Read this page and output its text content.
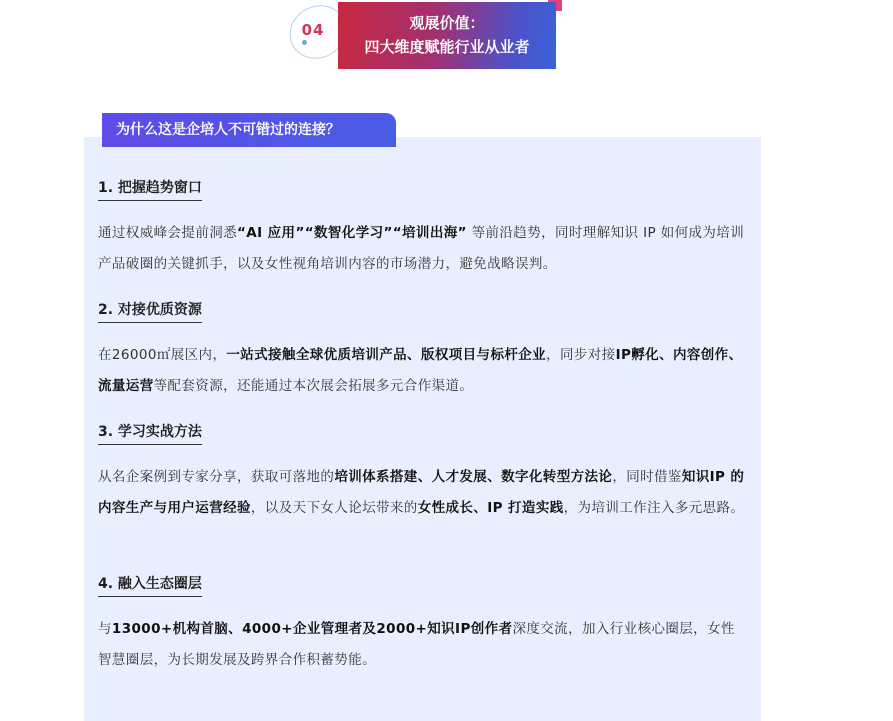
04	观展价值：
四大维度赋能行业从业者
为什么这是企培人不可错过的连接？
1. 把握趋势窗口
通过权威峰会提前洞悉“AI 应用”“数智化学习”“培训出海” 等前沿趋势，同时理解知识 IP 如何成为培训产品破圈的关键抓手，以及女性视角培训内容的市场潜力，避免战略误判。
2. 对接优质资源
在26000㎡展区内，一站式接触全球优质培训产品、版权项目与标杆企业，同步对接IP孵化、内容创作、流量运营等配套资源，还能通过本次展会拓展多元合作渠道。
3. 学习实战方法
从名企案例到专家分享，获取可落地的培训体系搭建、人才发展、数字化转型方法论，同时借鉴知识IP 的内容生产与用户运营经验，以及天下女人论坛带来的女性成长、IP 打造实践，为培训工作注入多元思路。
4. 融入生态圈层
与13000+机构首脑、4000+企业管理者及2000+知识IP创作者深度交流，加入行业核心圈层，女性智慧圈层，为长期发展及跨界合作积蓄势能。
